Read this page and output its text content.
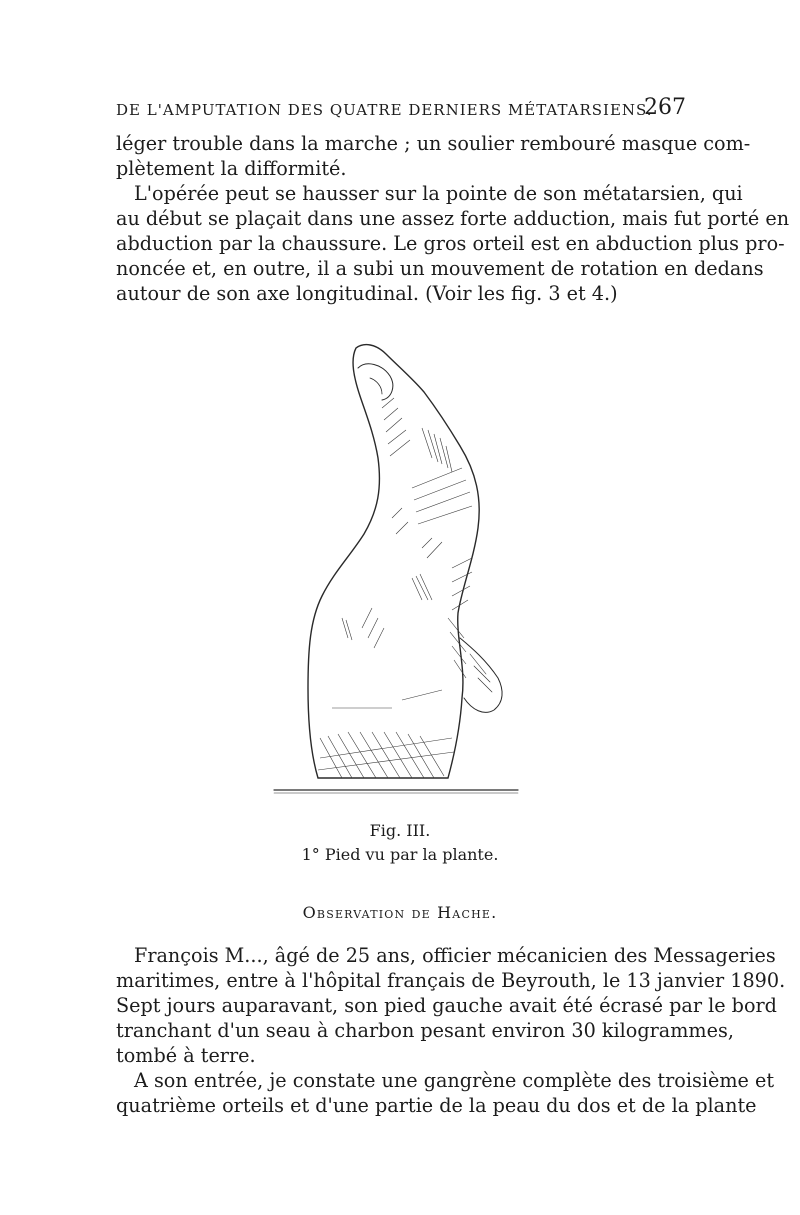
DE L'AMPUTATION DES QUATRE DERNIERS MÉTATARSIENS.
267
léger trouble dans la marche ; un soulier rembouré masque com-
plètement la difformité.
L'opérée peut se hausser sur la pointe de son métatarsien, qui
au début se plaçait dans une assez forte adduction, mais fut porté en
abduction par la chaussure. Le gros orteil est en abduction plus pro-
noncée et, en outre, il a subi un mouvement de rotation en dedans
autour de son axe longitudinal. (Voir les fig. 3 et 4.)
Fig. III.
1° Pied vu par la plante.
Observation de Hache.
François M..., âgé de 25 ans, officier mécanicien des Messageries
maritimes, entre à l'hôpital français de Beyrouth, le 13 janvier 1890.
Sept jours auparavant, son pied gauche avait été écrasé par le bord
tranchant d'un seau à charbon pesant environ 30 kilogrammes,
tombé à terre.
A son entrée, je constate une gangrène complète des troisième et
quatrième orteils et d'une partie de la peau du dos et de la plante
